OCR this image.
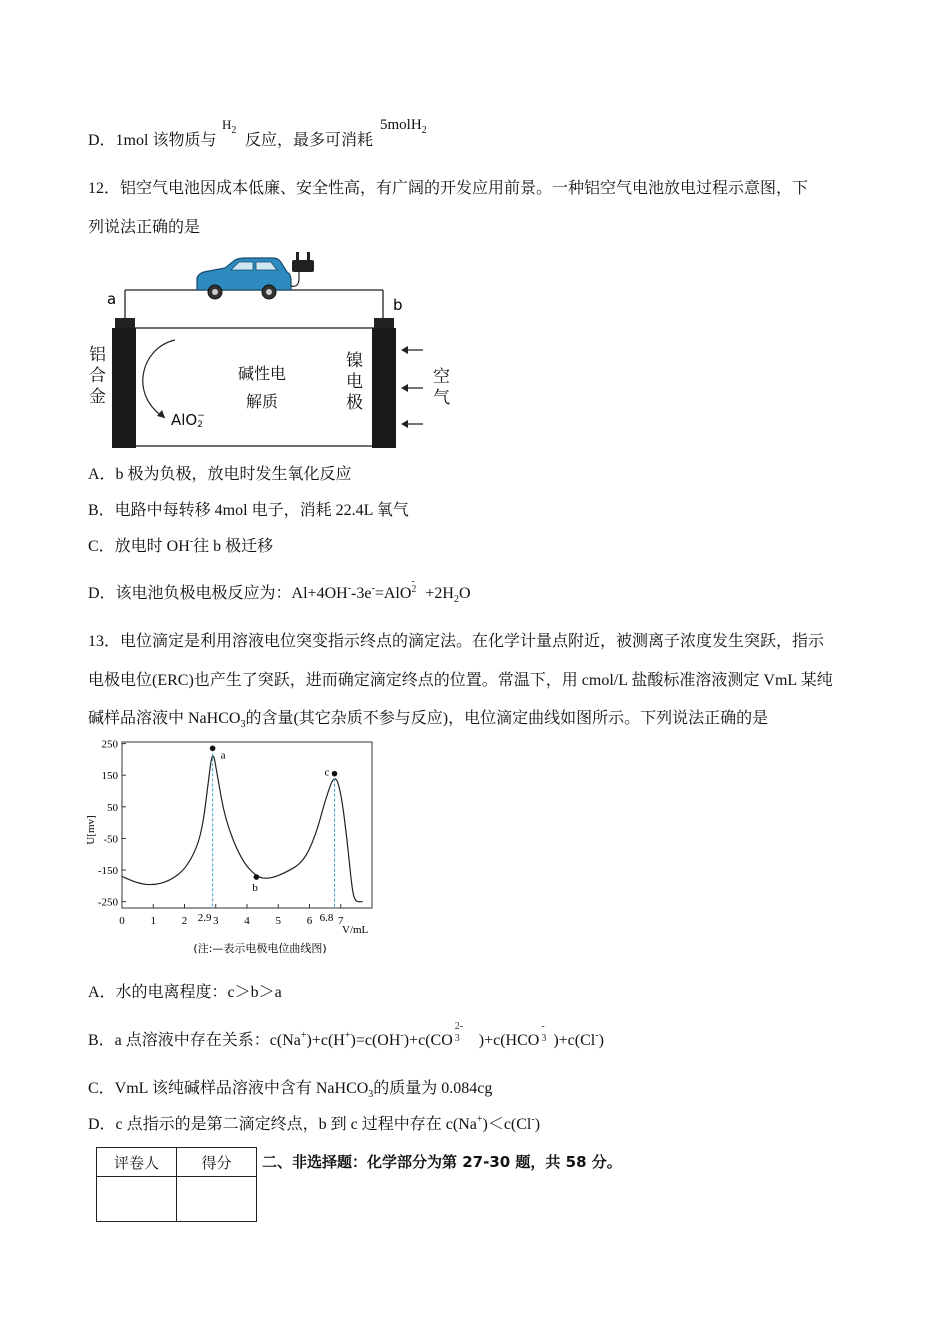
D．1mol 该物质与
$H_2$
反应，最多可消耗
5molH$_2$
12．铝空气电池因成本低廉、安全性高，有广阔的开发应用前景。一种铝空气电池放电过程示意图，下
列说法正确的是
a	b
铝合金
镍电极
空气
碱性电解质
AlO −
2
A．b 极为负极，放电时发生氧化反应
B．电路中每转移 4mol 电子，消耗 22.4L 氧气
C．放电时 OH-往 b 极迁移
D．该电池负极电极反应为：Al+4OH--3e-=AlO
-
$2 +2H_2O$
13．电位滴定是利用溶液电位突变指示终点的滴定法。在化学计量点附近，被测离子浓度发生突跃，指示
电极电位(ERC)也产生了突跃，进而确定滴定终点的位置。常温下，用 cmol/L 盐酸标准溶液测定 VmL 某纯
碱样品溶液中 NaHCO$_3$的含量(其它杂质不参与反应)，电位滴定曲线如图所示。下列说法正确的是
0 1 2 3 4 5 6 7
250
150
50
-50
-150
-250
2.9	6.8
a
b
c
U[mv]
V/mL
(注:—表示电极电位曲线图)
A．水的电离程度：c＞b＞a
B．a 点溶液中存在关系：c(Na+)+c(H+)=c(OH-)+c(CO
2-
3 )+c(HCO
-
3 )+c(Cl-)
C．VmL 该纯碱样品溶液中含有 NaHCO$_3$的质量为 0.084cg
D．c 点指示的是第二滴定终点，b 到 c 过程中存在 c(Na+)＜c(Cl-)
评卷人	得分
	二、非选择题：化学部分为第 27-30 题，共 58 分。
